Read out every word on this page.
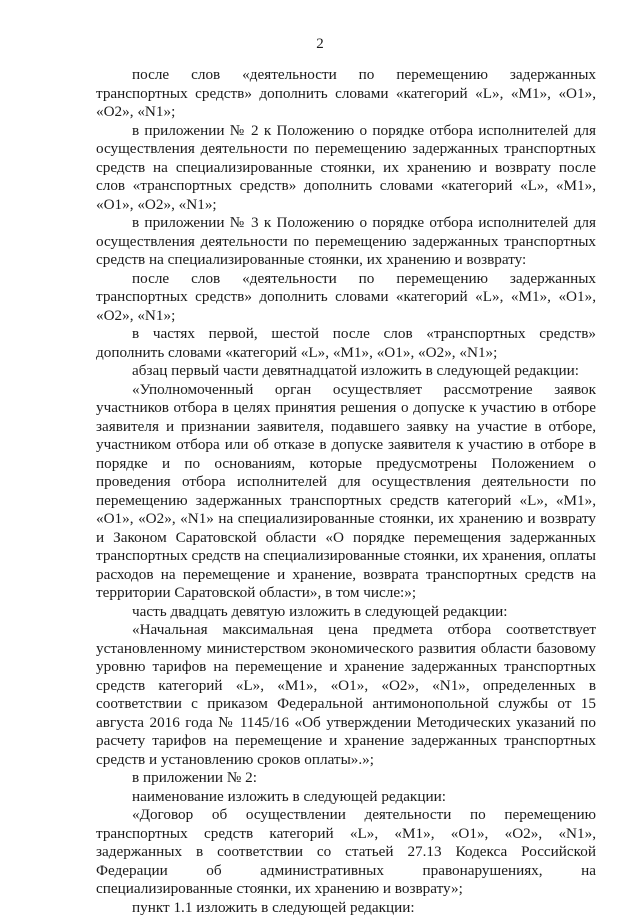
2

после слов «деятельности по перемещению задержанных транспортных средств» дополнить словами «категорий «L», «M1», «O1», «O2», «N1»;

в приложении № 2 к Положению о порядке отбора исполнителей для осуществления деятельности по перемещению задержанных транспортных средств на специализированные стоянки, их хранению и возврату после слов «транспортных средств» дополнить словами «категорий «L», «M1», «O1», «O2», «N1»;

в приложении № 3 к Положению о порядке отбора исполнителей для осуществления деятельности по перемещению задержанных транспортных средств на специализированные стоянки, их хранению и возврату:

после слов «деятельности по перемещению задержанных транспортных средств» дополнить словами «категорий «L», «M1», «O1», «O2», «N1»;

в частях первой, шестой после слов «транспортных средств» дополнить словами «категорий «L», «M1», «O1», «O2», «N1»;

абзац первый части девятнадцатой изложить в следующей редакции:

«Уполномоченный орган осуществляет рассмотрение заявок участников отбора в целях принятия решения о допуске к участию в отборе заявителя и признании заявителя, подавшего заявку на участие в отборе, участником отбора или об отказе в допуске заявителя к участию в отборе в порядке и по основаниям, которые предусмотрены Положением о проведения отбора исполнителей для осуществления деятельности по перемещению задержанных транспортных средств категорий «L», «M1», «O1», «O2», «N1» на специализированные стоянки, их хранению и возврату и Законом Саратовской области «О порядке перемещения задержанных транспортных средств на специализированные стоянки, их хранения, оплаты расходов на перемещение и хранение, возврата транспортных средств на территории Саратовской области», в том числе:»;

часть двадцать девятую изложить в следующей редакции:

«Начальная максимальная цена предмета отбора соответствует установленному министерством экономического развития области базовому уровню тарифов на перемещение и хранение задержанных транспортных средств категорий «L», «M1», «O1», «O2», «N1», определенных в соответствии с приказом Федеральной антимонопольной службы от 15 августа 2016 года № 1145/16 «Об утверждении Методических указаний по расчету тарифов на перемещение и хранение задержанных транспортных средств и установлению сроков оплаты».»;

в приложении № 2:

наименование изложить в следующей редакции:

«Договор об осуществлении деятельности по перемещению транспортных средств категорий «L», «M1», «O1», «O2», «N1», задержанных в соответствии со статьей 27.13 Кодекса Российской Федерации об административных правонарушениях, на специализированные стоянки, их хранению и возврату»;

пункт 1.1 изложить в следующей редакции:
